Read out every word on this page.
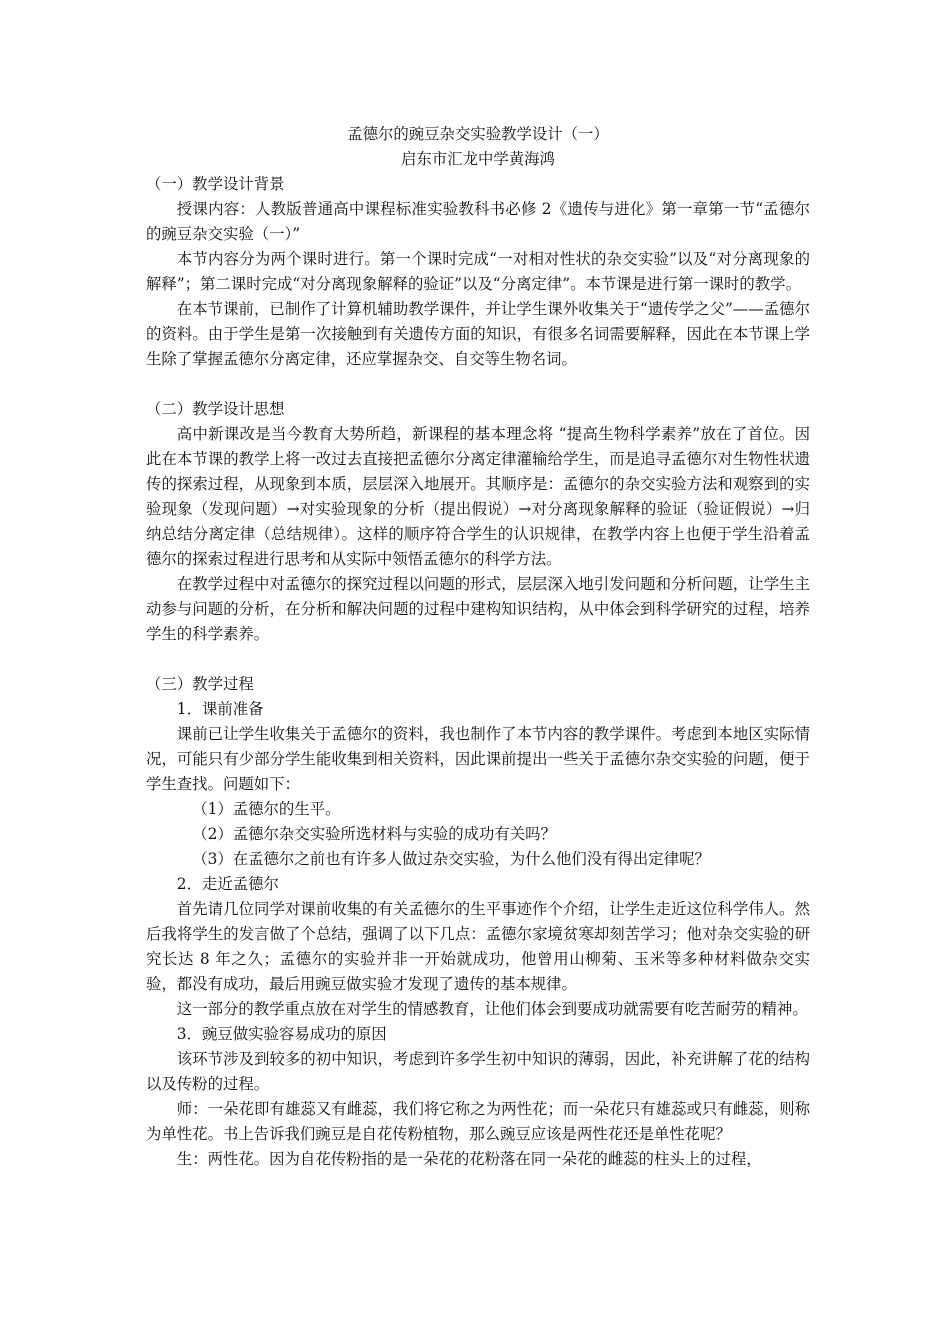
孟德尔的豌豆杂交实验教学设计（一）

启东市汇龙中学黄海鸿

（一）教学设计背景

授课内容：人教版普通高中课程标准实验教科书必修 2《遗传与进化》第一章第一节“孟德尔的豌豆杂交实验（一）”

本节内容分为两个课时进行。第一个课时完成“一对相对性状的杂交实验”以及“对分离现象的解释”；第二课时完成“对分离现象解释的验证”以及“分离定律”。本节课是进行第一课时的教学。

在本节课前，已制作了计算机辅助教学课件，并让学生课外收集关于“遗传学之父”——孟德尔的资料。由于学生是第一次接触到有关遗传方面的知识，有很多名词需要解释，因此在本节课上学生除了掌握孟德尔分离定律，还应掌握杂交、自交等生物名词。

（二）教学设计思想

高中新课改是当今教育大势所趋，新课程的基本理念将 “提高生物科学素养”放在了首位。因此在本节课的教学上将一改过去直接把孟德尔分离定律灌输给学生，而是追寻孟德尔对生物性状遗传的探索过程，从现象到本质，层层深入地展开。其顺序是：孟德尔的杂交实验方法和观察到的实验现象（发现问题）→对实验现象的分析（提出假说）→对分离现象解释的验证（验证假说）→归纳总结分离定律（总结规律）。这样的顺序符合学生的认识规律，在教学内容上也便于学生沿着孟德尔的探索过程进行思考和从实际中领悟孟德尔的科学方法。

在教学过程中对孟德尔的探究过程以问题的形式，层层深入地引发问题和分析问题，让学生主动参与问题的分析，在分析和解决问题的过程中建构知识结构，从中体会到科学研究的过程，培养学生的科学素养。

（三）教学过程

1．课前准备

课前已让学生收集关于孟德尔的资料，我也制作了本节内容的教学课件。考虑到本地区实际情况，可能只有少部分学生能收集到相关资料，因此课前提出一些关于孟德尔杂交实验的问题，便于学生查找。问题如下：

（1）孟德尔的生平。

（2）孟德尔杂交实验所选材料与实验的成功有关吗？

（3）在孟德尔之前也有许多人做过杂交实验，为什么他们没有得出定律呢？

2．走近孟德尔

首先请几位同学对课前收集的有关孟德尔的生平事迹作个介绍，让学生走近这位科学伟人。然后我将学生的发言做了个总结，强调了以下几点：孟德尔家境贫寒却刻苦学习；他对杂交实验的研究长达 8 年之久；孟德尔的实验并非一开始就成功，他曾用山柳菊、玉米等多种材料做杂交实验，都没有成功，最后用豌豆做实验才发现了遗传的基本规律。

这一部分的教学重点放在对学生的情感教育，让他们体会到要成功就需要有吃苦耐劳的精神。

3．豌豆做实验容易成功的原因

该环节涉及到较多的初中知识，考虑到许多学生初中知识的薄弱，因此，补充讲解了花的结构以及传粉的过程。

师：一朵花即有雄蕊又有雌蕊，我们将它称之为两性花；而一朵花只有雄蕊或只有雌蕊，则称为单性花。书上告诉我们豌豆是自花传粉植物，那么豌豆应该是两性花还是单性花呢？

生：两性花。因为自花传粉指的是一朵花的花粉落在同一朵花的雌蕊的柱头上的过程，
